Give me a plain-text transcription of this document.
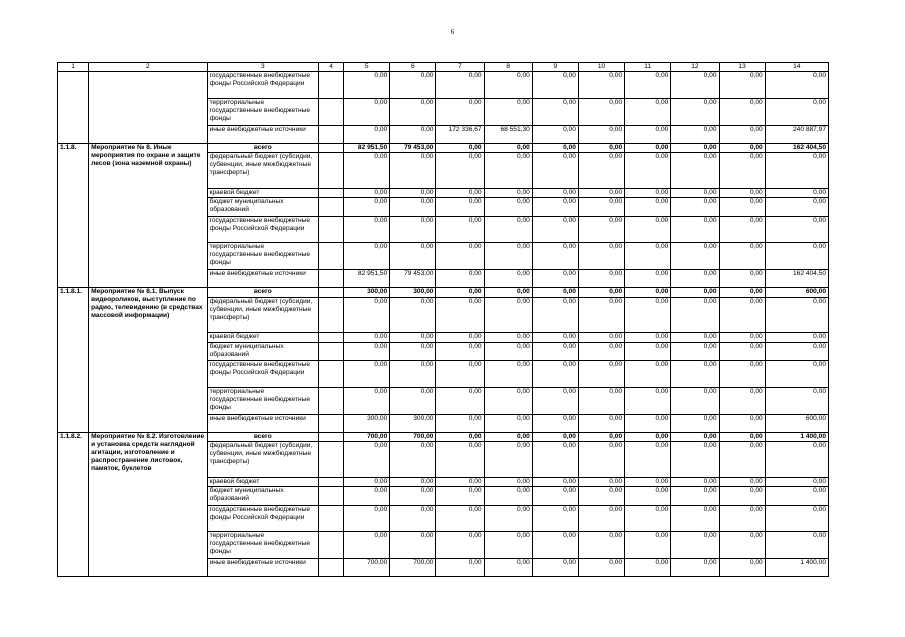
6
1	2	3	4	5	6	7	8	9	10	11	12	13	14
		государственные внебюджетные фонды Российской Федерации		0,00	0,00	0,00	0,00	0,00	0,00	0,00	0,00	0,00	0,00
		территориальные государственные внебюджетные фонды		0,00	0,00	0,00	0,00	0,00	0,00	0,00	0,00	0,00	0,00
		иные внебюджетные источники		0,00	0,00	172 336,67	68 551,30	0,00	0,00	0,00	0,00	0,00	240 887,97
1.1.8.	Мероприятие № 8. Иные мероприятия по охране и защите лесов (зона наземной охраны)	всего		82 951,50	79 453,00	0,00	0,00	0,00	0,00	0,00	0,00	0,00	162 404,50
		федеральный бюджет (субсидии, субвенции, иные межбюджетные трансферты)		0,00	0,00	0,00	0,00	0,00	0,00	0,00	0,00	0,00	0,00
		краевой бюджет		0,00	0,00	0,00	0,00	0,00	0,00	0,00	0,00	0,00	0,00
		бюджет муниципальных образований		0,00	0,00	0,00	0,00	0,00	0,00	0,00	0,00	0,00	0,00
		государственные внебюджетные фонды Российской Федерации		0,00	0,00	0,00	0,00	0,00	0,00	0,00	0,00	0,00	0,00
		территориальные государственные внебюджетные фонды		0,00	0,00	0,00	0,00	0,00	0,00	0,00	0,00	0,00	0,00
		иные внебюджетные источники		82 951,50	79 453,00	0,00	0,00	0,00	0,00	0,00	0,00	0,00	162 404,50
1.1.8.1.	Мероприятие № 8.1. Выпуск видеороликов, выступление по радио, телевидению (в средствах массовой информации)	всего		300,00	300,00	0,00	0,00	0,00	0,00	0,00	0,00	0,00	600,00
		федеральный бюджет (субсидии, субвенции, иные межбюджетные трансферты)		0,00	0,00	0,00	0,00	0,00	0,00	0,00	0,00	0,00	0,00
		краевой бюджет		0,00	0,00	0,00	0,00	0,00	0,00	0,00	0,00	0,00	0,00
		бюджет муниципальных образований		0,00	0,00	0,00	0,00	0,00	0,00	0,00	0,00	0,00	0,00
		государственные внебюджетные фонды Российской Федерации		0,00	0,00	0,00	0,00	0,00	0,00	0,00	0,00	0,00	0,00
		территориальные государственные внебюджетные фонды		0,00	0,00	0,00	0,00	0,00	0,00	0,00	0,00	0,00	0,00
		иные внебюджетные источники		300,00	300,00	0,00	0,00	0,00	0,00	0,00	0,00	0,00	600,00
1.1.8.2.	Мероприятие № 8.2. Изготовление и установка средств наглядной агитации, изготовление и распространение листовок, памяток, буклетов	всего		700,00	700,00	0,00	0,00	0,00	0,00	0,00	0,00	0,00	1 400,00
		федеральный бюджет (субсидии, субвенции, иные межбюджетные трансферты)		0,00	0,00	0,00	0,00	0,00	0,00	0,00	0,00	0,00	0,00
		краевой бюджет		0,00	0,00	0,00	0,00	0,00	0,00	0,00	0,00	0,00	0,00
		бюджет муниципальных образований		0,00	0,00	0,00	0,00	0,00	0,00	0,00	0,00	0,00	0,00
		государственные внебюджетные фонды Российской Федерации		0,00	0,00	0,00	0,00	0,00	0,00	0,00	0,00	0,00	0,00
		территориальные государственные внебюджетные фонды		0,00	0,00	0,00	0,00	0,00	0,00	0,00	0,00	0,00	0,00
		иные внебюджетные источники		700,00	700,00	0,00	0,00	0,00	0,00	0,00	0,00	0,00	1 400,00
